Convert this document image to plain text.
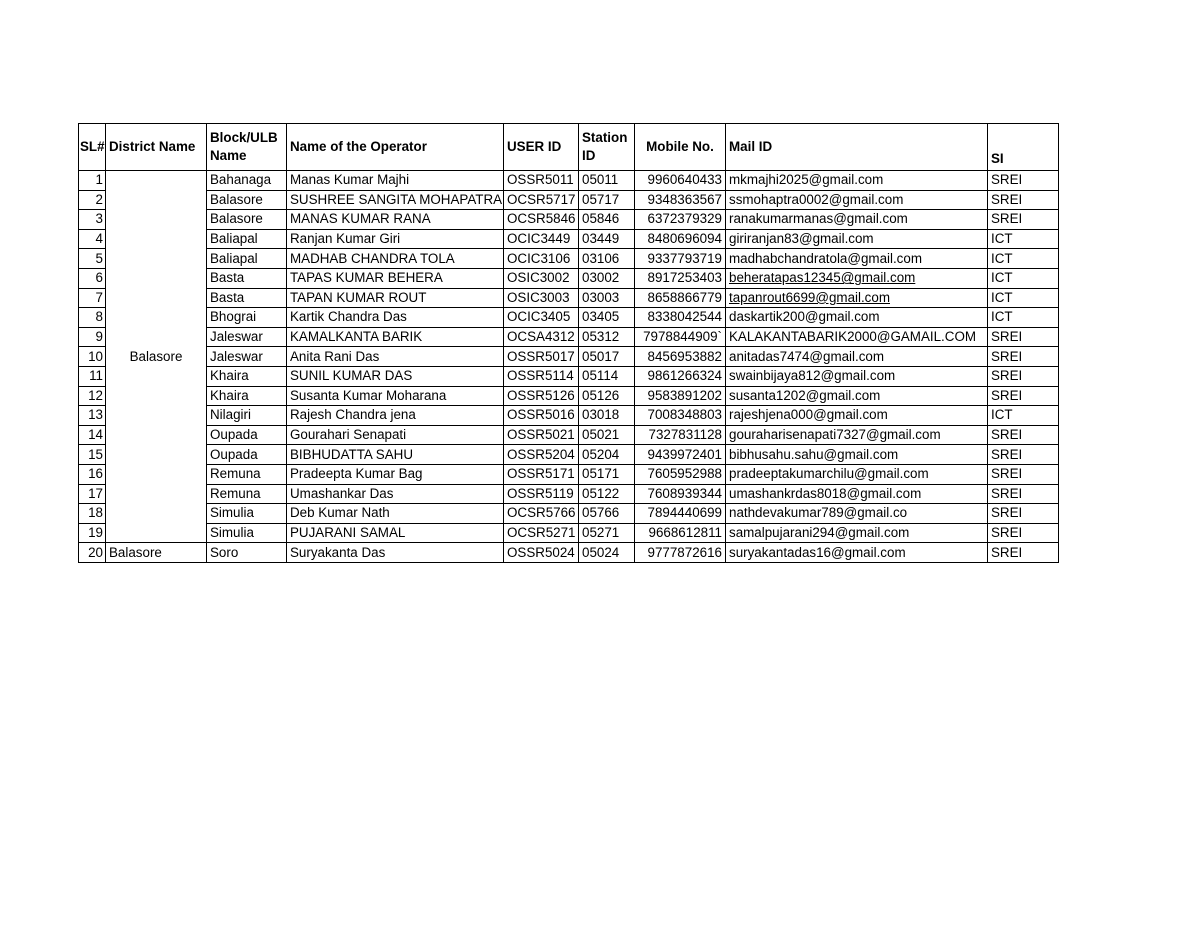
SL#	District Name	Block/ULB Name	Name of the Operator	USER ID	Station ID	Mobile No.	Mail ID	SI
1	Balasore	Bahanaga	Manas Kumar Majhi	OSSR5011	05011	9960640433	mkmajhi2025@gmail.com	SREI
2		Balasore	SUSHREE SANGITA MOHAPATRA	OCSR5717	05717	9348363567	ssmohaptra0002@gmail.com	SREI
3		Balasore	MANAS KUMAR RANA	OCSR5846	05846	6372379329	ranakumarmanas@gmail.com	SREI
4		Baliapal	Ranjan Kumar Giri	OCIC3449	03449	8480696094	giriranjan83@gmail.com	ICT
5		Baliapal	MADHAB CHANDRA TOLA	OCIC3106	03106	9337793719	madhabchandratola@gmail.com	ICT
6		Basta	TAPAS KUMAR BEHERA	OSIC3002	03002	8917253403	beheratapas12345@gmail.com	ICT
7		Basta	TAPAN KUMAR ROUT	OSIC3003	03003	8658866779	tapanrout6699@gmail.com	ICT
8		Bhograi	Kartik Chandra Das	OCIC3405	03405	8338042544	daskartik200@gmail.com	ICT
9		Jaleswar	KAMALKANTA BARIK	OCSA4312	05312	7978844909`	KALAKANTABARIK2000@GAMAIL.COM	SREI
10		Jaleswar	Anita Rani Das	OSSR5017	05017	8456953882	anitadas7474@gmail.com	SREI
11		Khaira	SUNIL KUMAR DAS	OSSR5114	05114	9861266324	swainbijaya812@gmail.com	SREI
12		Khaira	Susanta Kumar Moharana	OSSR5126	05126	9583891202	susanta1202@gmail.com	SREI
13		Nilagiri	Rajesh Chandra jena	OSSR5016	03018	7008348803	rajeshjena000@gmail.com	ICT
14		Oupada	Gourahari Senapati	OSSR5021	05021	7327831128	gouraharisenapati7327@gmail.com	SREI
15		Oupada	BIBHUDATTA SAHU	OSSR5204	05204	9439972401	bibhusahu.sahu@gmail.com	SREI
16		Remuna	Pradeepta Kumar Bag	OSSR5171	05171	7605952988	pradeeptakumarchilu@gmail.com	SREI
17		Remuna	Umashankar Das	OSSR5119	05122	7608939344	umashankrdas8018@gmail.com	SREI
18		Simulia	Deb Kumar Nath	OCSR5766	05766	7894440699	nathdevakumar789@gmail.co	SREI
19		Simulia	PUJARANI SAMAL	OCSR5271	05271	9668612811	samalpujarani294@gmail.com	SREI
20	Balasore	Soro	Suryakanta Das	OSSR5024	05024	9777872616	suryakantadas16@gmail.com	SREI
